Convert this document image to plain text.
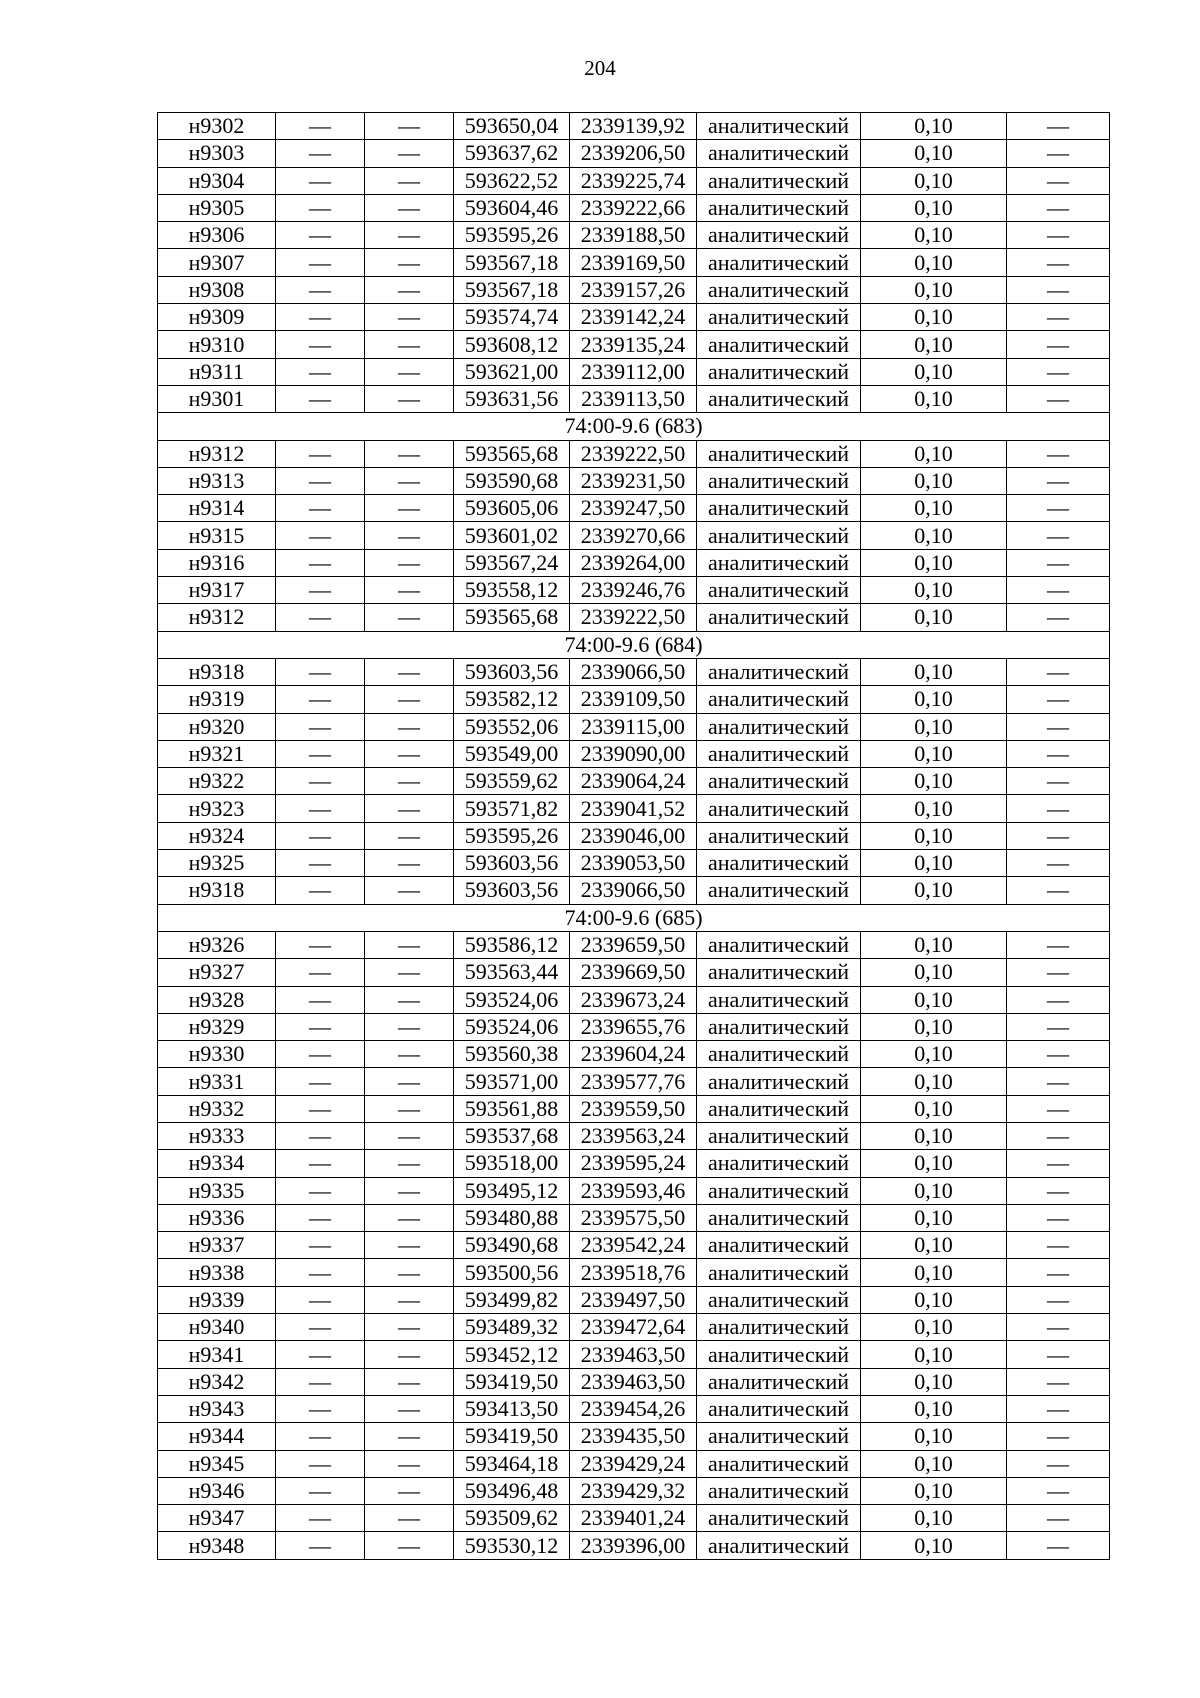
204
н9302	—	—	593650,04	2339139,92	аналитический	0,10	—
н9303	—	—	593637,62	2339206,50	аналитический	0,10	—
н9304	—	—	593622,52	2339225,74	аналитический	0,10	—
н9305	—	—	593604,46	2339222,66	аналитический	0,10	—
н9306	—	—	593595,26	2339188,50	аналитический	0,10	—
н9307	—	—	593567,18	2339169,50	аналитический	0,10	—
н9308	—	—	593567,18	2339157,26	аналитический	0,10	—
н9309	—	—	593574,74	2339142,24	аналитический	0,10	—
н9310	—	—	593608,12	2339135,24	аналитический	0,10	—
н9311	—	—	593621,00	2339112,00	аналитический	0,10	—
н9301	—	—	593631,56	2339113,50	аналитический	0,10	—
74:00-9.6 (683)							
н9312	—	—	593565,68	2339222,50	аналитический	0,10	—
н9313	—	—	593590,68	2339231,50	аналитический	0,10	—
н9314	—	—	593605,06	2339247,50	аналитический	0,10	—
н9315	—	—	593601,02	2339270,66	аналитический	0,10	—
н9316	—	—	593567,24	2339264,00	аналитический	0,10	—
н9317	—	—	593558,12	2339246,76	аналитический	0,10	—
н9312	—	—	593565,68	2339222,50	аналитический	0,10	—
74:00-9.6 (684)							
н9318	—	—	593603,56	2339066,50	аналитический	0,10	—
н9319	—	—	593582,12	2339109,50	аналитический	0,10	—
н9320	—	—	593552,06	2339115,00	аналитический	0,10	—
н9321	—	—	593549,00	2339090,00	аналитический	0,10	—
н9322	—	—	593559,62	2339064,24	аналитический	0,10	—
н9323	—	—	593571,82	2339041,52	аналитический	0,10	—
н9324	—	—	593595,26	2339046,00	аналитический	0,10	—
н9325	—	—	593603,56	2339053,50	аналитический	0,10	—
н9318	—	—	593603,56	2339066,50	аналитический	0,10	—
74:00-9.6 (685)							
н9326	—	—	593586,12	2339659,50	аналитический	0,10	—
н9327	—	—	593563,44	2339669,50	аналитический	0,10	—
н9328	—	—	593524,06	2339673,24	аналитический	0,10	—
н9329	—	—	593524,06	2339655,76	аналитический	0,10	—
н9330	—	—	593560,38	2339604,24	аналитический	0,10	—
н9331	—	—	593571,00	2339577,76	аналитический	0,10	—
н9332	—	—	593561,88	2339559,50	аналитический	0,10	—
н9333	—	—	593537,68	2339563,24	аналитический	0,10	—
н9334	—	—	593518,00	2339595,24	аналитический	0,10	—
н9335	—	—	593495,12	2339593,46	аналитический	0,10	—
н9336	—	—	593480,88	2339575,50	аналитический	0,10	—
н9337	—	—	593490,68	2339542,24	аналитический	0,10	—
н9338	—	—	593500,56	2339518,76	аналитический	0,10	—
н9339	—	—	593499,82	2339497,50	аналитический	0,10	—
н9340	—	—	593489,32	2339472,64	аналитический	0,10	—
н9341	—	—	593452,12	2339463,50	аналитический	0,10	—
н9342	—	—	593419,50	2339463,50	аналитический	0,10	—
н9343	—	—	593413,50	2339454,26	аналитический	0,10	—
н9344	—	—	593419,50	2339435,50	аналитический	0,10	—
н9345	—	—	593464,18	2339429,24	аналитический	0,10	—
н9346	—	—	593496,48	2339429,32	аналитический	0,10	—
н9347	—	—	593509,62	2339401,24	аналитический	0,10	—
н9348	—	—	593530,12	2339396,00	аналитический	0,10	—
